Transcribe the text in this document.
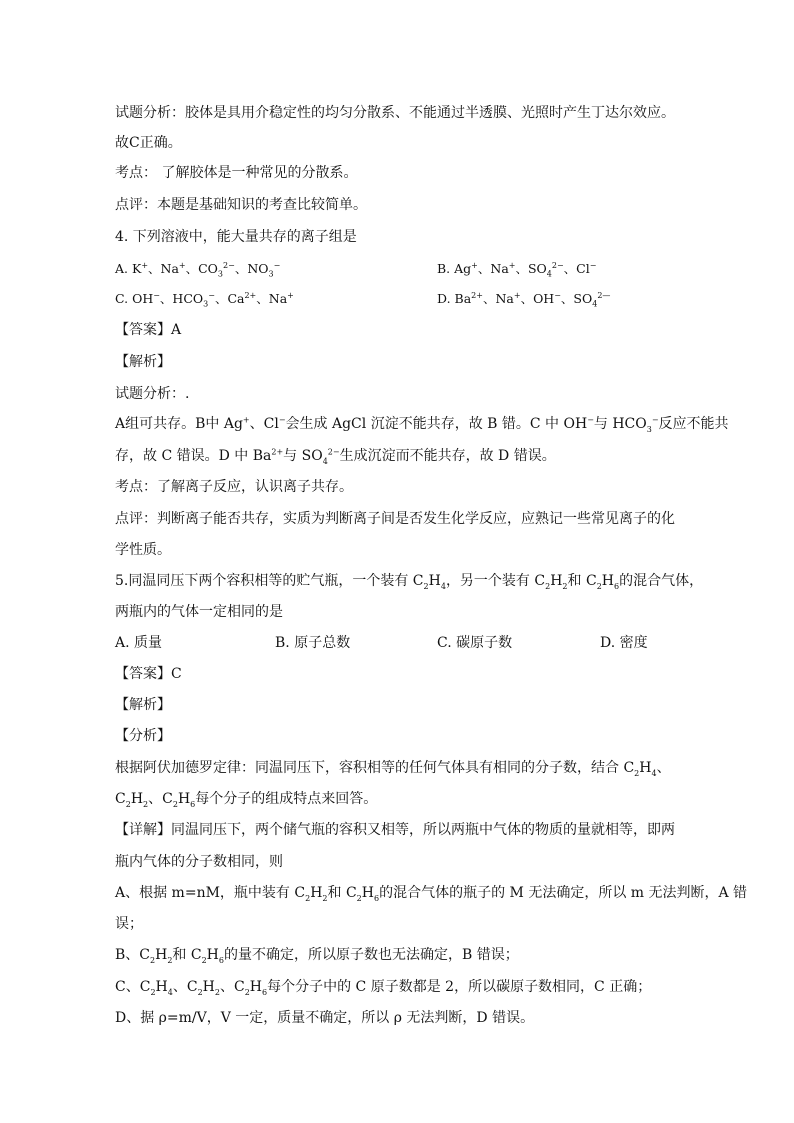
试题分析：胶体是具用介稳定性的均匀分散系、不能通过半透膜、光照时产生丁达尔效应。
故C正确。
考点： 了解胶体是一种常见的分散系。
点评：本题是基础知识的考查比较简单。
4. 下列溶液中，能大量共存的离子组是
A. K+、Na+、$CO_3^{2-}$、$NO_3^-$	B. Ag+、Na+、$SO_4^{2-}$、Cl−
C. OH−、$HCO_3^-$、$Ca^{2+}$、Na+	D. $Ba^{2+}$、Na+、OH−、$SO_4^{2—}$
【答案】A
【解析】
试题分析：.
A组可共存。B中 Ag+、Cl−会生成 AgCl 沉淀不能共存，故 B 错。C 中 OH−与 $HCO_3^-$反应不能共
存，故 C 错误。D 中 $Ba^{2+}$与 $SO_4^{2-}$生成沉淀而不能共存，故 D 错误。
考点：了解离子反应，认识离子共存。
点评：判断离子能否共存，实质为判断离子间是否发生化学反应，应熟记一些常见离子的化
学性质。
5.同温同压下两个容积相等的贮气瓶，一个装有 $C_2H_4$，另一个装有 $C_2H_2$和 $C_2H_6$的混合气体，
两瓶内的气体一定相同的是
A. 质量	B. 原子总数	C. 碳原子数	D. 密度
【答案】C
【解析】
【分析】
根据阿伏加德罗定律：同温同压下，容积相等的任何气体具有相同的分子数，结合 $C_2H_4$、
$C_2H_2$、$C_2H_6$每个分子的组成特点来回答。
【详解】同温同压下，两个储气瓶的容积又相等，所以两瓶中气体的物质的量就相等，即两
瓶内气体的分子数相同，则
A、根据 m=nM，瓶中装有 $C_2H_2$和 $C_2H_6$的混合气体的瓶子的 M 无法确定，所以 m 无法判断，A 错
误；
B、$C_2H_2$和 $C_2H_6$的量不确定，所以原子数也无法确定，B 错误；
C、$C_2H_4$、$C_2H_2$、$C_2H_6$每个分子中的 C 原子数都是 2，所以碳原子数相同，C 正确；
D、据 ρ=m/V，V 一定，质量不确定，所以 ρ 无法判断，D 错误。
